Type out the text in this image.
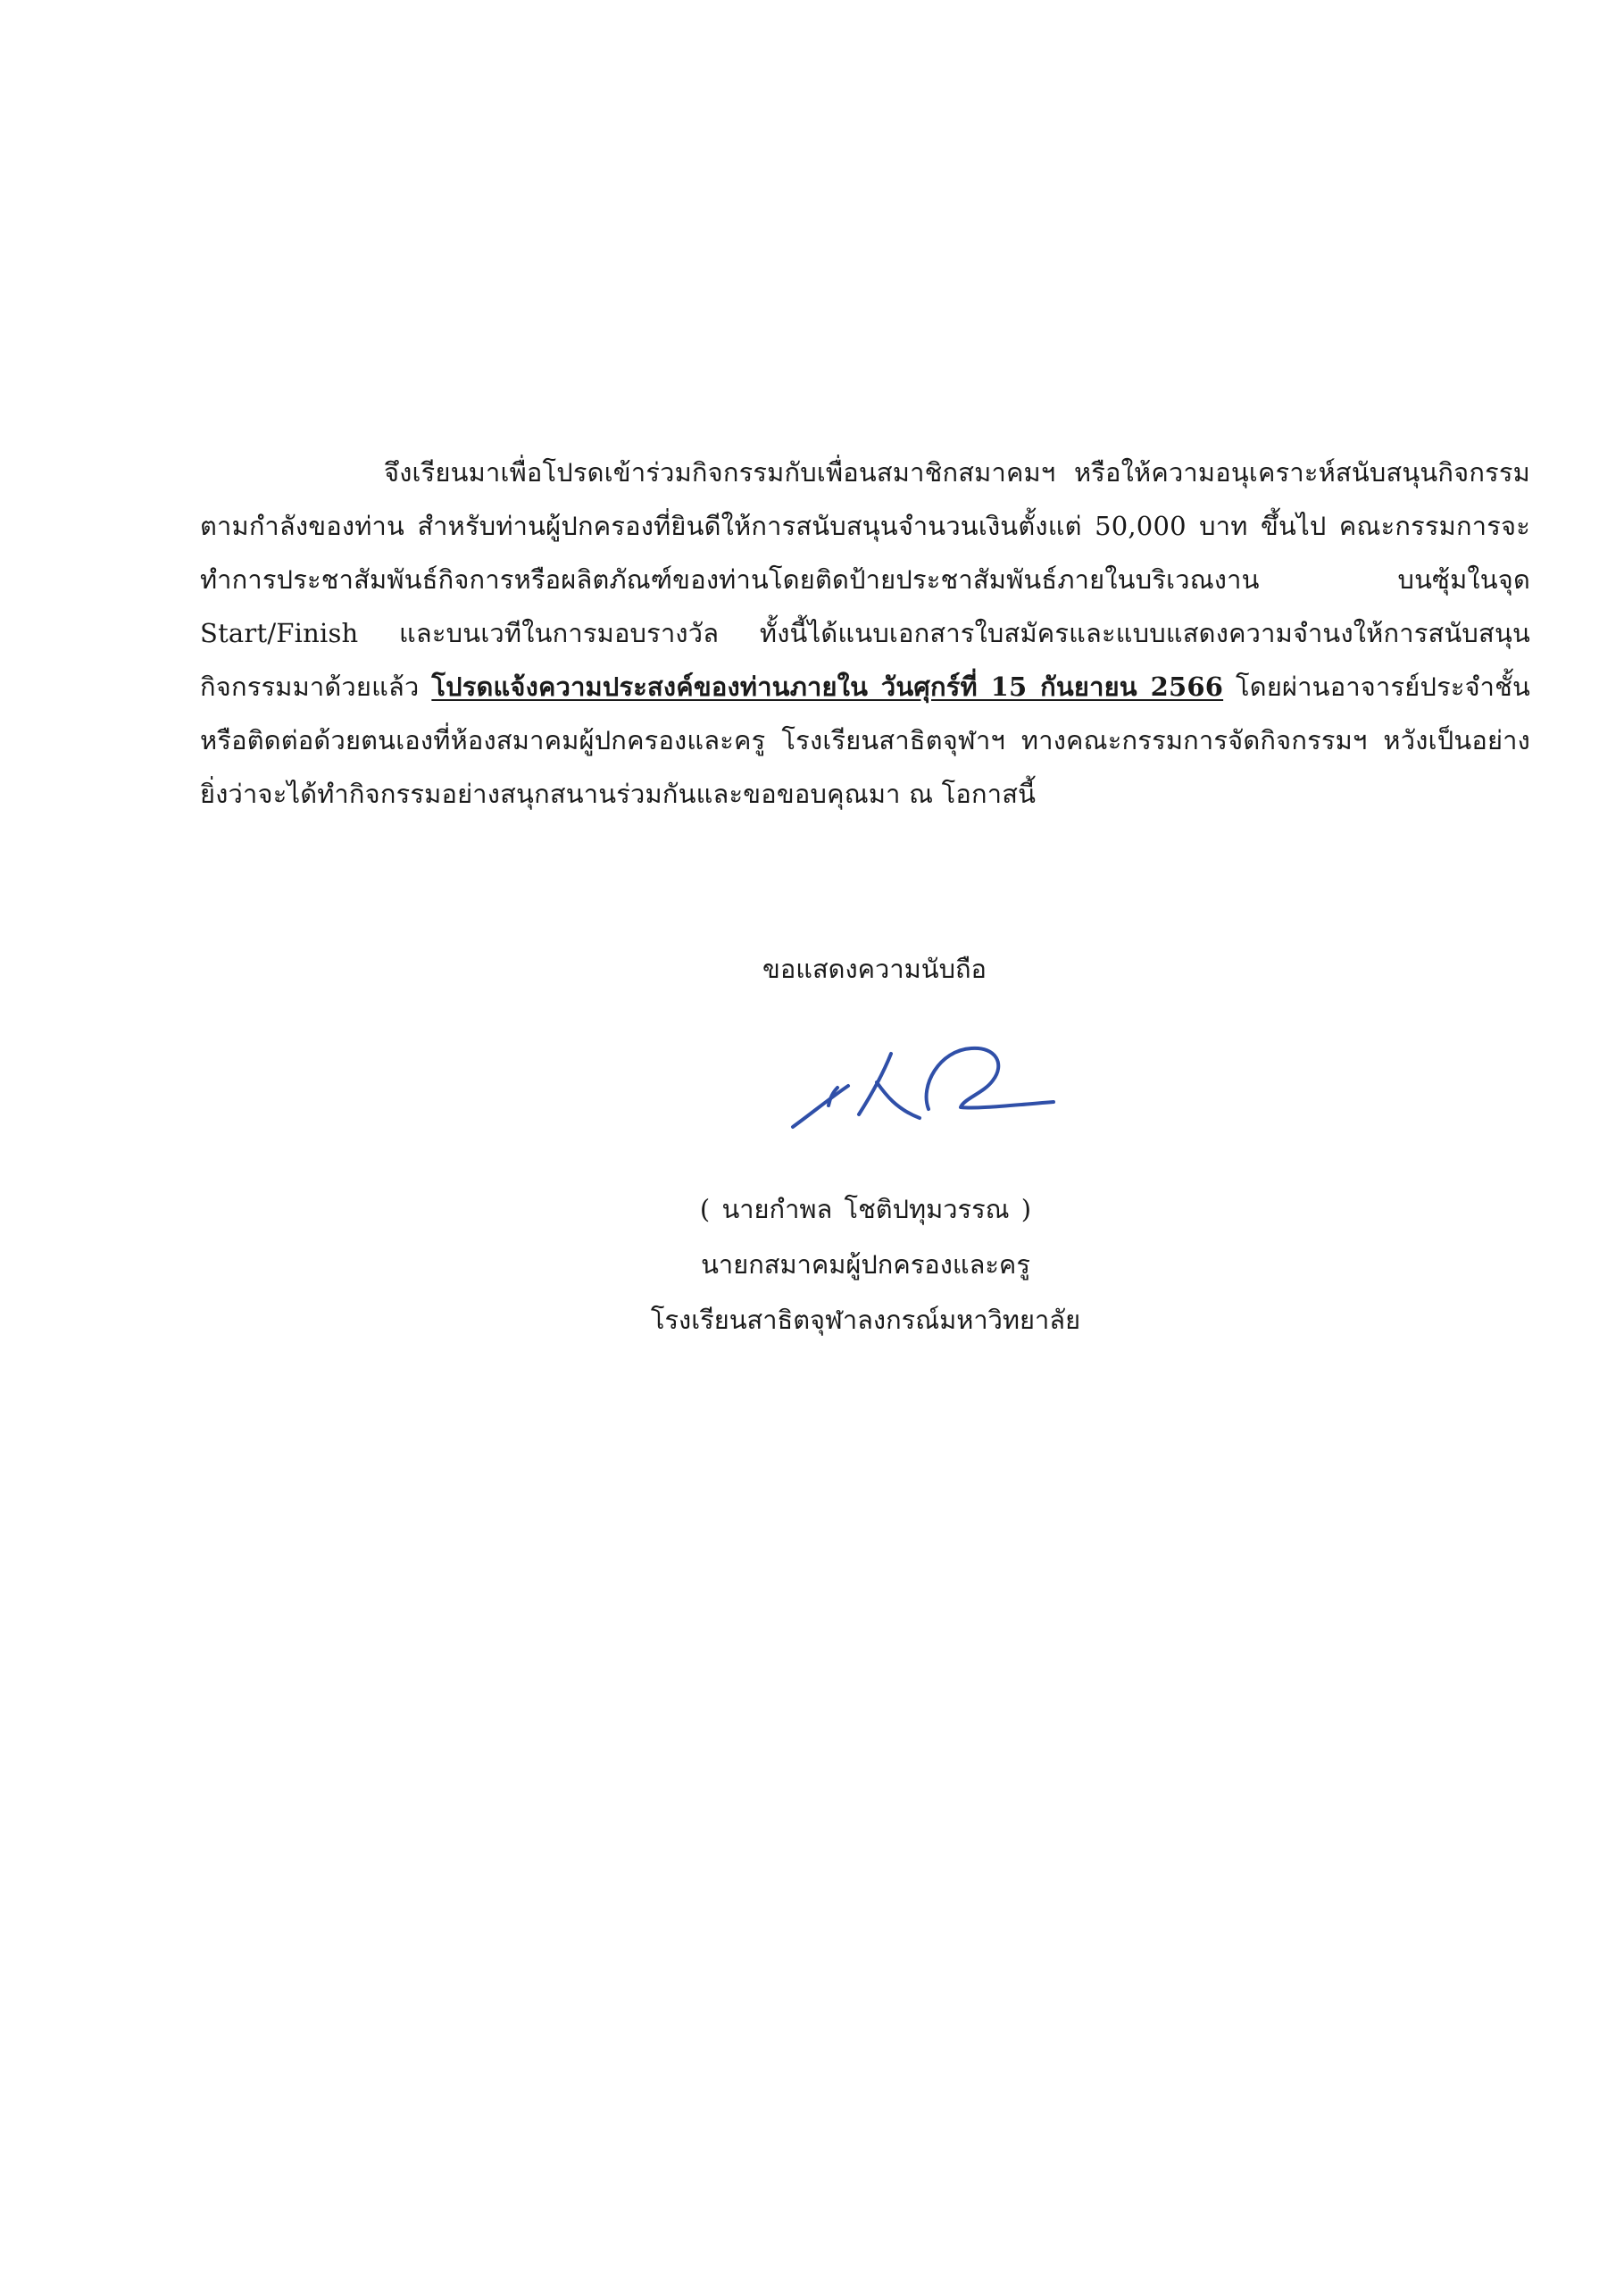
จึงเรียนมาเพื่อโปรดเข้าร่วมกิจกรรมกับเพื่อนสมาชิกสมาคมฯ หรือให้ความอนุเคราะห์สนับสนุนกิจกรรมตามกำลังของท่าน สำหรับท่านผู้ปกครองที่ยินดีให้การสนับสนุนจำนวนเงินตั้งแต่ 50,000 บาท ขึ้นไป คณะกรรมการจะทำการประชาสัมพันธ์กิจการหรือผลิตภัณฑ์ของท่านโดยติดป้ายประชาสัมพันธ์ภายในบริเวณงาน บนซุ้มในจุด Start/Finish และบนเวทีในการมอบรางวัล ทั้งนี้ได้แนบเอกสารใบสมัครและแบบแสดงความจำนงให้การสนับสนุนกิจกรรมมาด้วยแล้ว โปรดแจ้งความประสงค์ของท่านภายใน วันศุกร์ที่ 15 กันยายน 2566 โดยผ่านอาจารย์ประจำชั้นหรือติดต่อด้วยตนเองที่ห้องสมาคมผู้ปกครองและครู โรงเรียนสาธิตจุฬาฯ ทางคณะกรรมการจัดกิจกรรมฯ หวังเป็นอย่างยิ่งว่าจะได้ทำกิจกรรมอย่างสนุกสนานร่วมกันและขอขอบคุณมา ณ โอกาสนี้

ขอแสดงความนับถือ
( นายกำพล โชติปทุมวรรณ )
นายกสมาคมผู้ปกครองและครู
โรงเรียนสาธิตจุฬาลงกรณ์มหาวิทยาลัย
